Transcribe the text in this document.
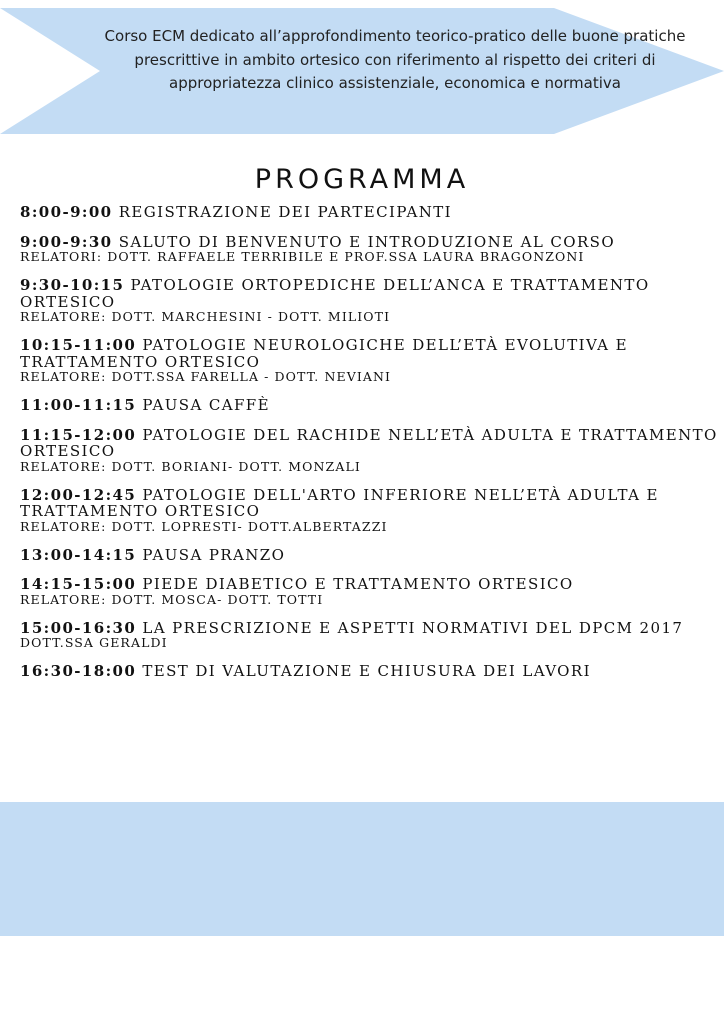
Corso ECM dedicato all’approfondimento teorico-pratico delle buone pratiche prescrittive in ambito ortesico con riferimento al rispetto dei criteri di appropriatezza clinico assistenziale, economica e normativa
PROGRAMMA
8:00-9:00 REGISTRAZIONE DEI PARTECIPANTI
9:00-9:30 SALUTO DI BENVENUTO E INTRODUZIONE AL CORSO
RELATORI: DOTT. RAFFAELE TERRIBILE E PROF.SSA LAURA BRAGONZONI
9:30-10:15 PATOLOGIE ORTOPEDICHE DELL’ANCA E TRATTAMENTO ORTESICO
RELATORE: DOTT. MARCHESINI - DOTT. MILIOTI
10:15-11:00 PATOLOGIE NEUROLOGICHE DELL’ETÀ EVOLUTIVA E TRATTAMENTO ORTESICO
RELATORE: DOTT.SSA FARELLA - DOTT. NEVIANI
11:00-11:15 PAUSA CAFFÈ
11:15-12:00 PATOLOGIE DEL RACHIDE NELL’ETÀ ADULTA E TRATTAMENTO ORTESICO
RELATORE: DOTT. BORIANI- DOTT. MONZALI
12:00-12:45 PATOLOGIE DELL'ARTO INFERIORE NELL’ETÀ ADULTA E TRATTAMENTO ORTESICO
RELATORE: DOTT. LOPRESTI- DOTT.ALBERTAZZI
13:00-14:15 PAUSA PRANZO
14:15-15:00 PIEDE DIABETICO E TRATTAMENTO ORTESICO
RELATORE: DOTT. MOSCA- DOTT. TOTTI
15:00-16:30 LA PRESCRIZIONE E ASPETTI NORMATIVI DEL DPCM 2017
DOTT.SSA GERALDI
16:30-18:00 TEST DI VALUTAZIONE E CHIUSURA DEI LAVORI
